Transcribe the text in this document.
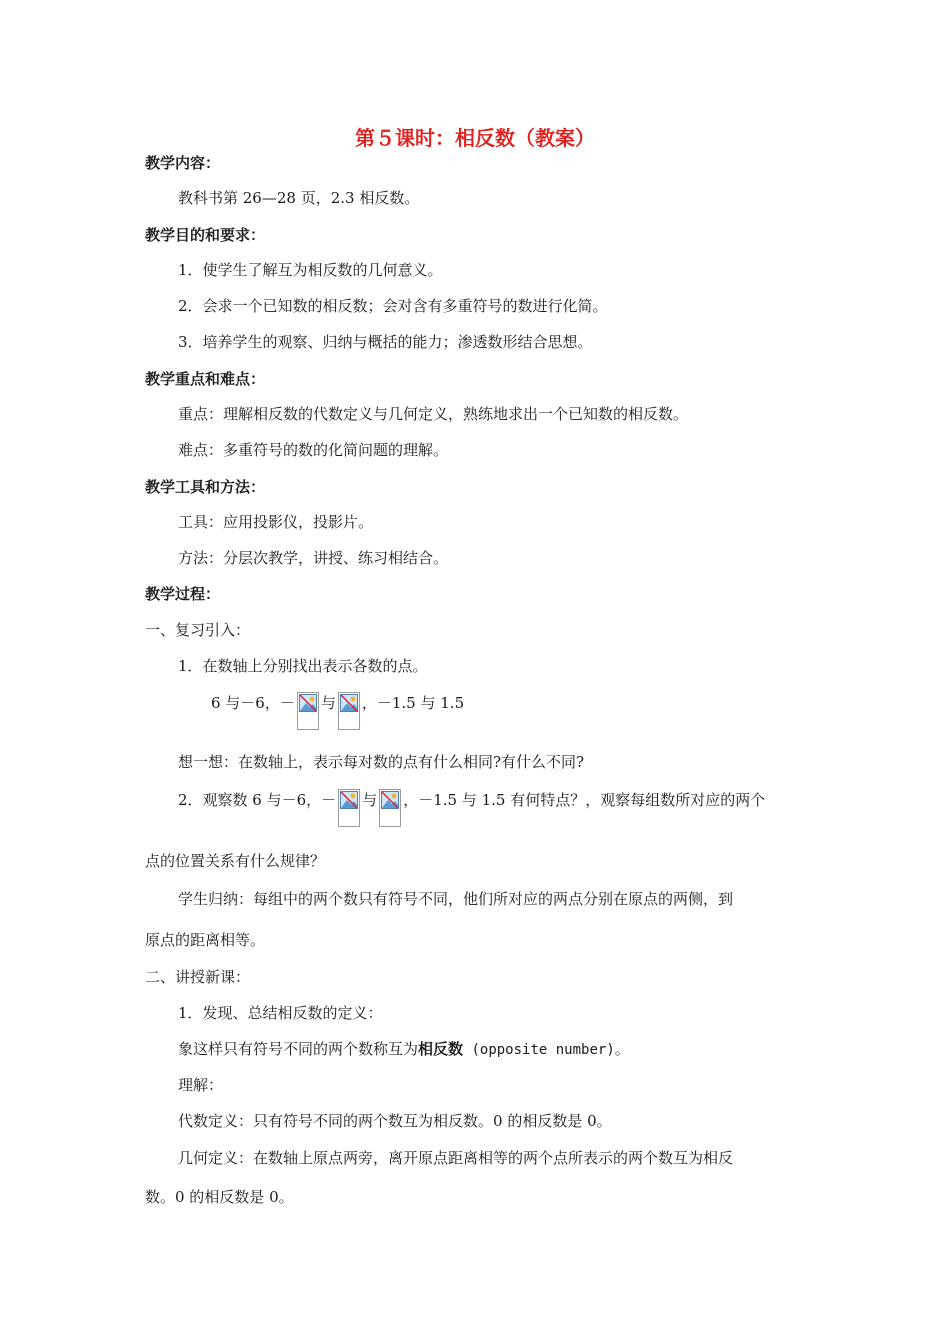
第５课时：相反数（教案）
教学内容：
教科书第 26—28 页，2.3 相反数。
教学目的和要求：
1．使学生了解互为相反数的几何意义。
2．会求一个已知数的相反数；会对含有多重符号的数进行化简。
3．培养学生的观察、归纳与概括的能力；渗透数形结合思想。
教学重点和难点：
重点：理解相反数的代数定义与几何定义，熟练地求出一个已知数的相反数。
难点：多重符号的数的化简问题的理解。
教学工具和方法：
工具：应用投影仪，投影片。
方法：分层次教学，讲授、练习相结合。
教学过程：
一、复习引入：
1．在数轴上分别找出表示各数的点。
6 与－6，－ 与 ，－1.5 与 1.5
想一想：在数轴上，表示每对数的点有什么相同?有什么不同?
2．观察数 6 与－6，－ 与 ，－1.5 与 1.5 有何特点？，观察每组数所对应的两个
点的位置关系有什么规律？
学生归纳：每组中的两个数只有符号不同，他们所对应的两点分别在原点的两侧，到
原点的距离相等。
二、讲授新课：
1．发现、总结相反数的定义：
象这样只有符号不同的两个数称互为相反数 (opposite number)。
理解：
代数定义：只有符号不同的两个数互为相反数。0 的相反数是 0。
几何定义：在数轴上原点两旁，离开原点距离相等的两个点所表示的两个数互为相反
数。0 的相反数是 0。
